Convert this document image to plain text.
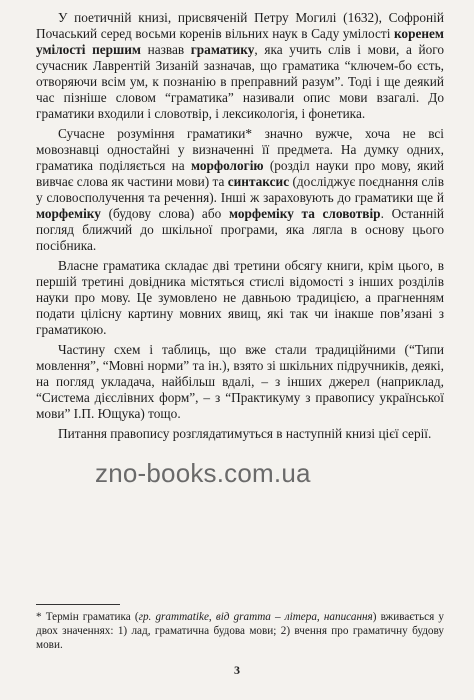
У поетичній книзі, присвяченій Петру Могилі (1632), Софроній Почаський серед восьми коренів вільних наук в Саду умілості коренем умілості першим назвав граматику, яка учить слів і мови, а його сучасник Лаврентій Зизаній зазначав, що граматика “ключем-бо єсть, отворяючи всім ум, к познанію в преправний разум”. Тоді і ще деякий час пізніше словом “граматика” називали опис мови взагалі. До граматики входили і словотвір, і лексикологія, і фонетика.

Сучасне розуміння граматики* значно вужче, хоча не всі мовознавці одностайні у визначенні її предмета. На думку одних, граматика поділяється на морфологію (розділ науки про мову, який вивчає слова як частини мови) та синтаксис (досліджує поєднання слів у словосполучення та речення). Інші ж зараховують до граматики ще й морфеміку (будову слова) або морфеміку та словотвір. Останній погляд ближчий до шкільної програми, яка лягла в основу цього посібника.

Власне граматика складає дві третини обсягу книги, крім цього, в першій третині довідника містяться стислі відомості з інших розділів науки про мову. Це зумовлено не давньою традицією, а прагненням подати цілісну картину мовних явищ, які так чи інакше пов’язані з граматикою.

Частину схем і таблиць, що вже стали традиційними (“Типи мовлення”, “Мовні норми” та ін.), взято зі шкільних підручників, деякі, на погляд укладача, найбільш вдалі, – з інших джерел (наприклад, “Система дієслівних форм”, – з “Практикуму з правопису української мови” І.П. Ющука) тощо.

Питання правопису розглядатимуться в наступній книзі цієї серії.

zno-books.com.ua
* Термін граматика (гр. grammatike, від gramma – літера, написання) вживається у двох значеннях: 1) лад, граматична будова мови; 2) вчення про граматичну будову мови.
3
